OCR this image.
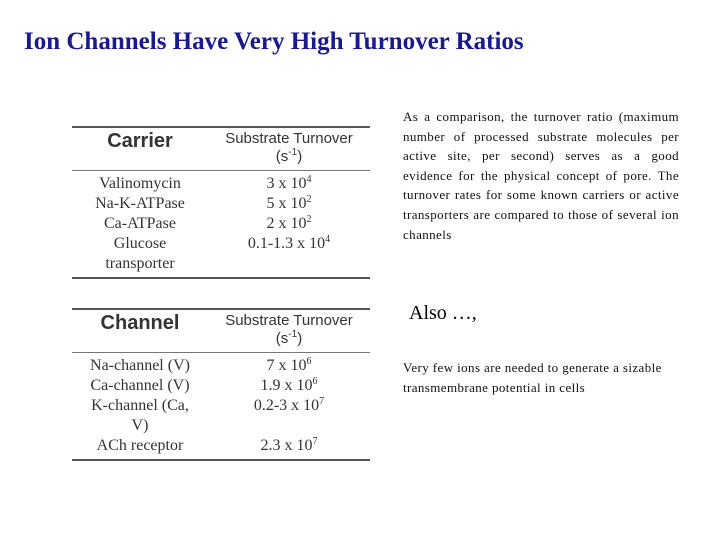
Ion Channels Have Very High Turnover Ratios
Carrier	Substrate Turnover
$(s^{-1})$
Valinomycin	3 x $10^4$
Na-K-ATPase	5 x $10^2$
Ca-ATPase	2 x $10^2$
Glucose	0.1-1.3 x $10^4$
transporter
Channel	Substrate Turnover
$(s^{-1})$
Na-channel (V)	7 x $10^6$
Ca-channel (V)	1.9 x $10^6$
K-channel (Ca,	0.2-3 x $10^7$
V)
ACh receptor	2.3 x $10^7$
As a comparison, the turnover ratio (maximum number of processed substrate molecules per active site, per second) serves as a good evidence for the physical concept of pore. The turnover rates for some known carriers or active transporters are compared to those of several ion channels
Also …,
Very few ions are needed to generate a sizable transmembrane potential in cells
